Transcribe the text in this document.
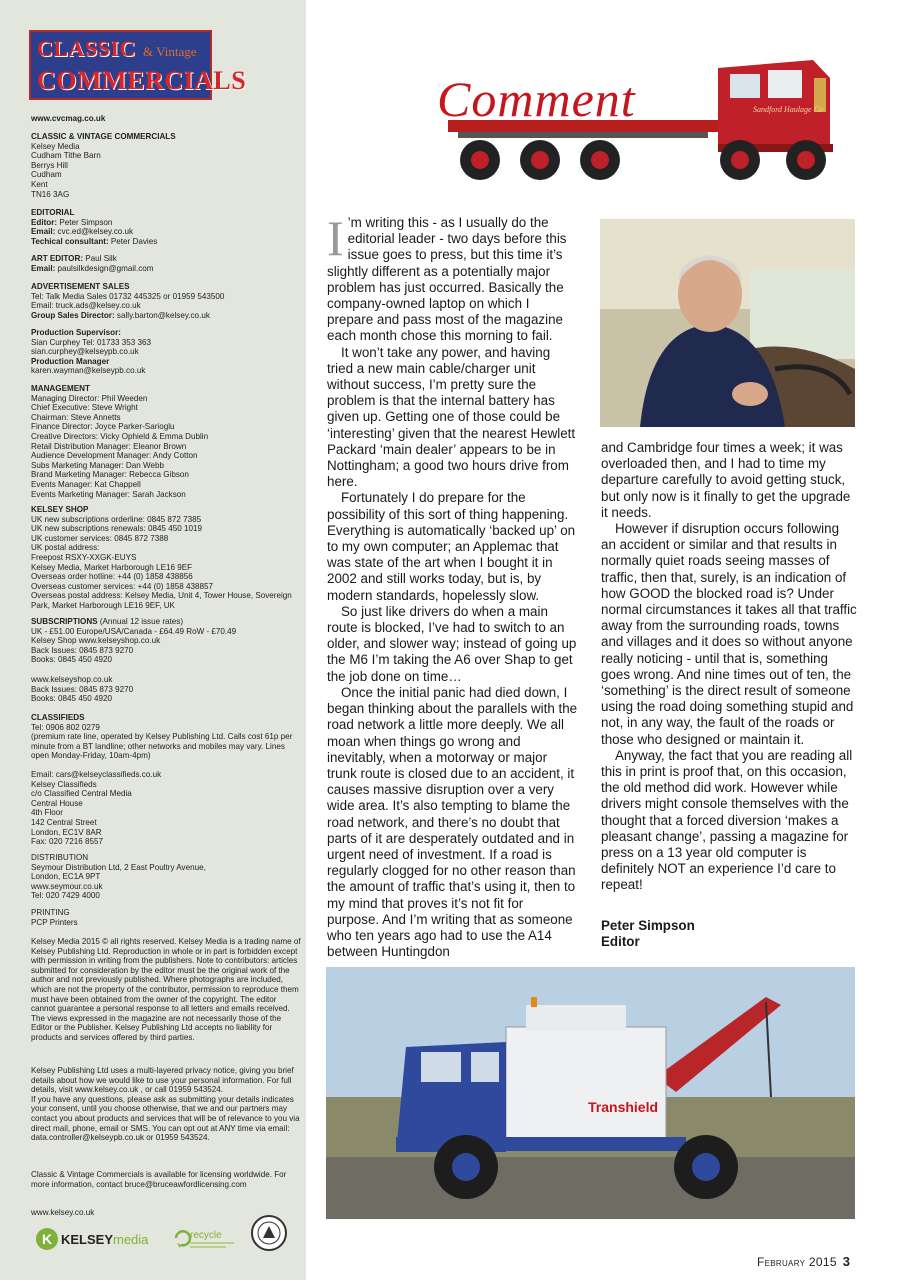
CLASSIC & Vintage
COMMERCIALS

www.cvcmag.co.uk

CLASSIC & VINTAGE COMMERCIALS

Kelsey Media
Cudham Tithe Barn
Berrys Hill
Cudham
Kent
TN16 3AG

EDITORIAL

Editor: Peter Simpson

Email: cvc.ed@kelsey.co.uk

Techical consultant: Peter Davies

ART EDITOR: Paul Silk

Email: paulsilkdesign@gmail.com

ADVERTISEMENT SALES

Tel: Talk Media Sales 01732 445325 or 01959 543500
Email: truck.ads@kelsey.co.uk

Group Sales Director: sally.barton@kelsey.co.uk

Production Supervisor:

Sian Curphey Tel: 01733 353 363
sian.curphey@kelseypb.co.uk

Production Manager

karen.wayman@kelseypb.co.uk

MANAGEMENT

Managing Director: Phil Weeden
Chief Executive: Steve Wright
Chairman: Steve Annetts
Finance Director: Joyce Parker-Sarioglu
Creative Directors: Vicky Ophield & Emma Dublin
Retail Distribution Manager: Eleanor Brown
Audience Development Manager: Andy Cotton
Subs Marketing Manager: Dan Webb
Brand Marketing Manager: Rebecca Gibson
Events Manager: Kat Chappell
Events Marketing Manager: Sarah Jackson

KELSEY SHOP

UK new subscriptions orderline: 0845 872 7385
UK new subscriptions renewals: 0845 450 1019
UK customer services: 0845 872 7388
UK postal address:
Freepost RSXY-XXGK-EUYS
Kelsey Media, Market Harborough LE16 9EF
Overseas order hotline: +44 (0) 1858 438856
Overseas customer services: +44 (0) 1858 438857
Overseas postal address: Kelsey Media, Unit 4, Tower House, Sovereign Park, Market Harborough LE16 9EF, UK

SUBSCRIPTIONS (Annual 12 issue rates)

UK - £51.00 Europe/USA/Canada - £64.49 RoW - £70.49
Kelsey Shop www.kelseyshop.co.uk
Back Issues: 0845 873 9270
Books: 0845 450 4920

www.kelseyshop.co.uk
Back Issues: 0845 873 9270
Books: 0845 450 4920

CLASSIFIEDS

Tel: 0906 802 0279
(premium rate line, operated by Kelsey Publishing Ltd. Calls cost 61p per minute from a BT landline; other networks and mobiles may vary. Lines open Monday-Friday, 10am-4pm)

Email: cars@kelseyclassifieds.co.uk
Kelsey Classifieds
c/o Classified Central Media
Central House
4th Floor
142 Central Street
London, EC1V 8AR
Fax: 020 7216 8557

DISTRIBUTION
Seymour Distribution Ltd, 2 East Poultry Avenue,
London, EC1A 9PT
www.seymour.co.uk
Tel: 020 7429 4000

PRINTING
PCP Printers

Kelsey Media 2015 © all rights reserved. Kelsey Media is a trading name of Kelsey Publishing Ltd. Reproduction in whole or in part is forbidden except with permission in writing from the publishers. Note to contributors: articles submitted for consideration by the editor must be the original work of the author and not previously published. Where photographs are included, which are not the property of the contributor, permission to reproduce them must have been obtained from the owner of the copyright. The editor cannot guarantee a personal response to all letters and emails received. The views expressed in the magazine are not necessarily those of the Editor or the Publisher. Kelsey Publishing Ltd accepts no liability for products and services offered by third parties.

Kelsey Publishing Ltd uses a multi-layered privacy notice, giving you brief details about how we would like to use your personal information. For full details, visit www.kelsey.co.uk , or call 01959 543524.
If you have any questions, please ask as submitting your details indicates your consent, until you choose otherwise, that we and our partners may contact you about products and services that will be of relevance to you via direct mail, phone, email or SMS. You can opt out at ANY time via email: data.controller@kelseypb.co.uk or 01959 543524.

Classic & Vintage Commercials is available for licensing worldwide. For more information, contact bruce@bruceawfordlicensing.com

www.kelsey.co.uk

K KELSEY media	recycle
Sandford Haulage Co
Comment

I ’m writing this - as I usually do the editorial leader - two days before this issue goes to press, but this time it’s slightly different as a potentially major problem has just occurred. Basically the company-owned laptop on which I prepare and pass most of the magazine each month chose this morning to fail.

It won’t take any power, and having tried a new main cable/charger unit without success, I’m pretty sure the problem is that the internal battery has given up. Getting one of those could be ‘interesting’ given that the nearest Hewlett Packard ‘main dealer’ appears to be in Nottingham; a good two hours drive from here.

Fortunately I do prepare for the possibility of this sort of thing happening. Everything is automatically ‘backed up’ on to my own computer; an Applemac that was state of the art when I bought it in 2002 and still works today, but is, by modern standards, hopelessly slow.

So just like drivers do when a main route is blocked, I’ve had to switch to an older, and slower way; instead of going up the M6 I’m taking the A6 over Shap to get the job done on time…

Once the initial panic had died down, I began thinking about the parallels with the road network a little more deeply. We all moan when things go wrong and inevitably, when a motorway or major trunk route is closed due to an accident, it causes massive disruption over a very wide area. It’s also tempting to blame the road network, and there’s no doubt that parts of it are desperately outdated and in urgent need of investment. If a road is regularly clogged for no other reason than the amount of traffic that’s using it, then to my mind that proves it’s not fit for purpose. And I’m writing that as someone who ten years ago had to use the A14 between Huntingdon

and Cambridge four times a week; it was overloaded then, and I had to time my departure carefully to avoid getting stuck, but only now is it finally to get the upgrade it needs.

However if disruption occurs following an accident or similar and that results in normally quiet roads seeing masses of traffic, then that, surely, is an indication of how GOOD the blocked road is? Under normal circumstances it takes all that traffic away from the surrounding roads, towns and villages and it does so without anyone really noticing - until that is, something goes wrong. And nine times out of ten, the ‘something’ is the direct result of someone using the road doing something stupid and not, in any way, the fault of the roads or those who designed or maintain it.

Anyway, the fact that you are reading all this in print is proof that, on this occasion, the old method did work. However while drivers might console themselves with the thought that a forced diversion ‘makes a pleasant change’, passing a magazine for press on a 13 year old computer is definitely NOT an experience I’d care to repeat!

Peter Simpson
Editor
Transhield
February 2015 3
